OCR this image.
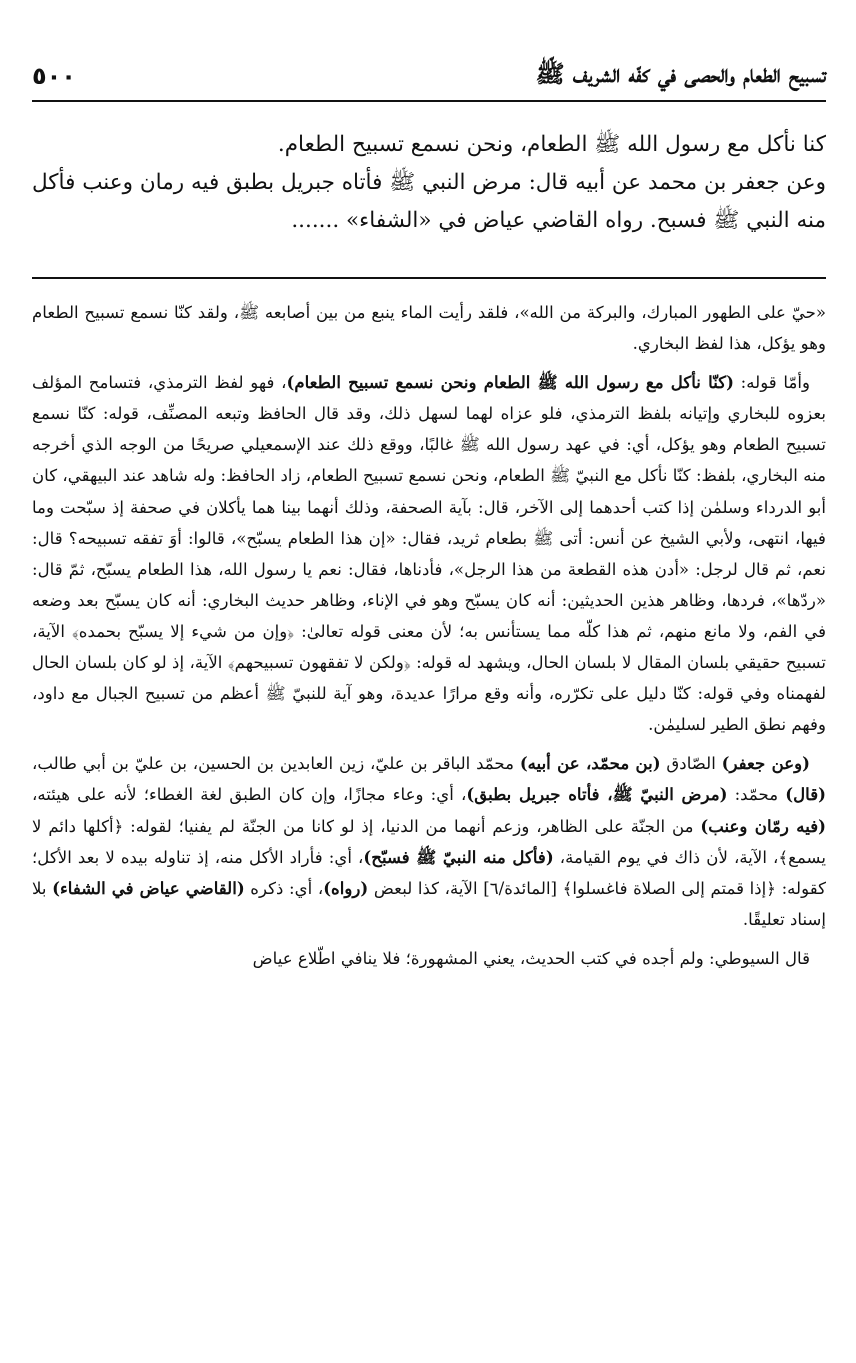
تسبيح الطعام والحصى في كفّه الشريف ﷺ
٥٠٠

كنا نأكل مع رسول الله ﷺ الطعام، ونحن نسمع تسبيح الطعام.

وعن جعفر بن محمد عن أبيه قال: مرض النبي ﷺ فأتاه جبريل بطبق فيه رمان وعنب فأكل منه النبي ﷺ فسبح. رواه القاضي عياض في «الشفاء» .......

«حيّ على الطهور المبارك، والبركة من الله»، فلقد رأيت الماء ينبع من بين أصابعه ﷺ، ولقد كنّا نسمع تسبيح الطعام وهو يؤكل، هذا لفظ البخاري.

وأمّا قوله: (كنّا نأكل مع رسول الله ﷺ الطعام ونحن نسمع تسبيح الطعام)، فهو لفظ الترمذي، فتسامح المؤلف بعزوه للبخاري وإتيانه بلفظ الترمذي، فلو عزاه لهما لسهل ذلك، وقد قال الحافظ وتبعه المصنِّف، قوله: كنّا نسمع تسبيح الطعام وهو يؤكل، أي: في عهد رسول الله ﷺ غالبًا، ووقع ذلك عند الإسمعيلي صريحًا من الوجه الذي أخرجه منه البخاري، بلفظ: كنّا نأكل مع النبيّ ﷺ الطعام، ونحن نسمع تسبيح الطعام، زاد الحافظ: وله شاهد عند البيهقي، كان أبو الدرداء وسلمٰن إذا كتب أحدهما إلى الآخر، قال: بآية الصحفة، وذلك أنهما بينا هما يأكلان في صحفة إذ سبّحت وما فيها، انتهى، ولأبي الشيخ عن أنس: أتى ﷺ بطعام ثريد، فقال: «إن هذا الطعام يسبّح»، قالوا: أوَ تفقه تسبيحه؟ قال: نعم، ثم قال لرجل: «أدن هذه القطعة من هذا الرجل»، فأدناها، فقال: نعم يا رسول الله، هذا الطعام يسبّح، ثمّ قال: «ردّها»، فردها، وظاهر هذين الحديثين: أنه كان يسبّح وهو في الإناء، وظاهر حديث البخاري: أنه كان يسبّح بعد وضعه في الفم، ولا مانع منهم، ثم هذا كلّه مما يستأنس به؛ لأن معنى قوله تعالىٰ: ﴿وإن من شيء إلا يسبّح بحمده﴾ الآية، تسبيح حقيقي بلسان المقال لا بلسان الحال، ويشهد له قوله: ﴿ولكن لا تفقهون تسبيحهم﴾ الآية، إذ لو كان بلسان الحال لفهمناه وفي قوله: كنّا دليل على تكرّره، وأنه وقع مرارًا عديدة، وهو آية للنبيّ ﷺ أعظم من تسبيح الجبال مع داود، وفهم نطق الطير لسليمٰن.

(وعن جعفر) الصّادق (بن محمّد، عن أبيه) محمّد الباقر بن عليّ، زين العابدين بن الحسين، بن عليّ بن أبي طالب، (قال) محمّد: (مرض النبيّ ﷺ، فأتاه جبريل بطبق)، أي: وعاء مجازًا، وإن كان الطبق لغة الغطاء؛ لأنه على هيئته، (فيه رمّان وعنب) من الجنّة على الظاهر، وزعم أنهما من الدنيا، إذ لو كانا من الجنّة لم يفنيا؛ لقوله: ﴿أكلها دائم لا يسمع﴾، الآية، لأن ذاك في يوم القيامة، (فأكل منه النبيّ ﷺ فسبّح)، أي: فأراد الأكل منه، إذ تناوله بيده لا بعد الأكل؛ كقوله: ﴿إذا قمتم إلى الصلاة فاغسلوا﴾ [المائدة/٦] الآية، كذا لبعض (رواه)، أي: ذكره (القاضي عياض في الشفاء) بلا إسناد تعليقًا.

قال السيوطي: ولم أجده في كتب الحديث، يعني المشهورة؛ فلا ينافي اطّلاع عياض
